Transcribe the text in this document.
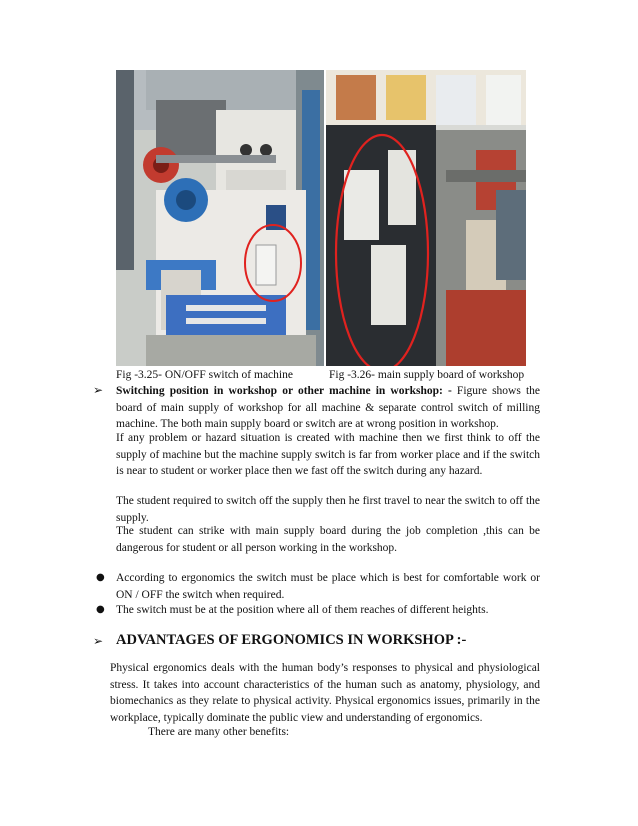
Fig -3.25- ON/OFF switch of machine	Fig -3.26- main supply board of workshop
➢ Switching position in workshop or other machine in workshop: - Figure shows the board of main supply of workshop for all machine & separate control switch of milling machine. The both main supply board or switch are at wrong position in workshop.
If any problem or hazard situation is created with machine then we first think to off the supply of machine but the machine supply switch is far from worker place and if the switch is near to student or worker place then we fast off the switch during any hazard.
The student required to switch off the supply then he first travel to near the switch to off the supply.
The student can strike with main supply board during the job completion ,this can be dangerous for student or all person working in the workshop.
● According to ergonomics the switch must be place which is best for comfortable work or ON / OFF the switch when required.
● The switch must be at the position where all of them reaches of different heights.
➢ ADVANTAGES OF ERGONOMICS IN WORKSHOP :-
Physical ergonomics deals with the human body’s responses to physical and physiological stress. It takes into account characteristics of the human such as anatomy, physiology, and biomechanics as they relate to physical activity. Physical ergonomics issues, primarily in the workplace, typically dominate the public view and understanding of ergonomics.
There are many other benefits:
